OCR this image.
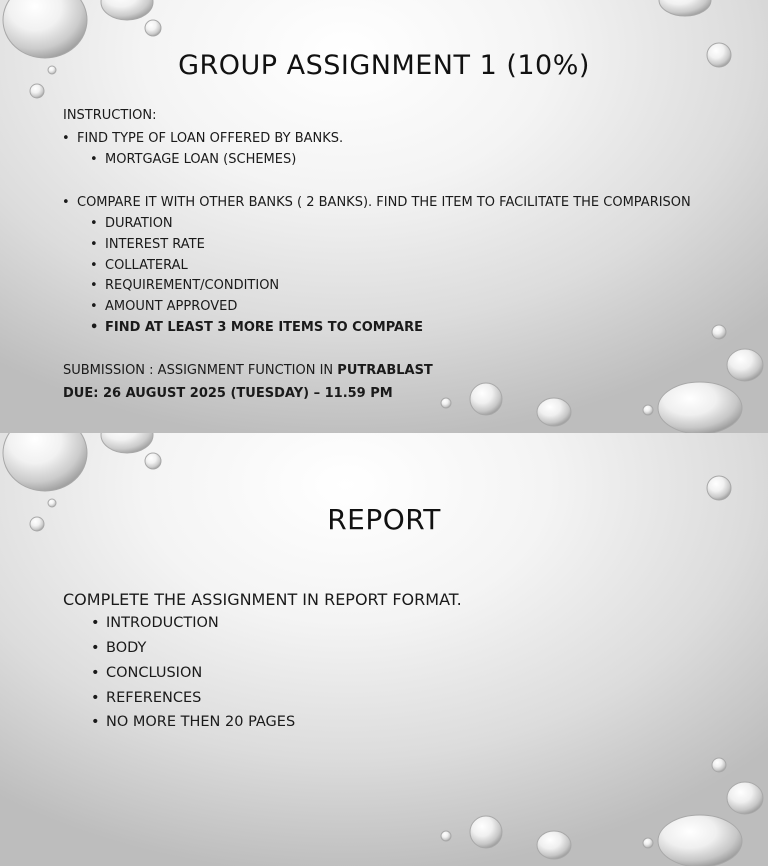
GROUP ASSIGNMENT 1 (10%)
INSTRUCTION:
• FIND TYPE OF LOAN OFFERED BY BANKS.
• MORTGAGE LOAN (SCHEMES)
• COMPARE IT WITH OTHER BANKS ( 2 BANKS). FIND THE ITEM TO FACILITATE THE COMPARISON
• DURATION
• INTEREST RATE
• COLLATERAL
• REQUIREMENT/CONDITION
• AMOUNT APPROVED
• FIND AT LEAST 3 MORE ITEMS TO COMPARE
SUBMISSION : ASSIGNMENT FUNCTION IN PUTRABLAST
DUE: 26 AUGUST 2025 (TUESDAY) – 11.59 PM
REPORT
COMPLETE THE ASSIGNMENT IN REPORT FORMAT.
• INTRODUCTION
• BODY
• CONCLUSION
• REFERENCES
• NO MORE THEN 20 PAGES
